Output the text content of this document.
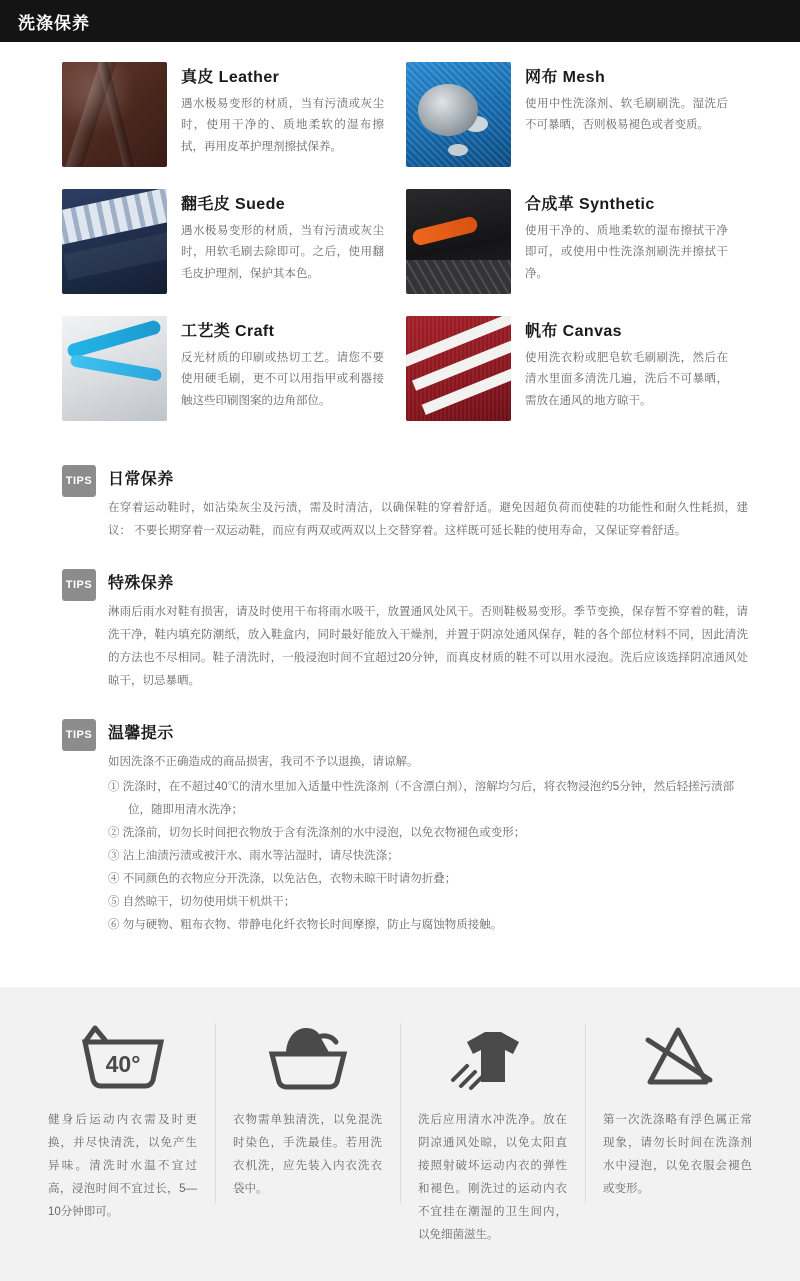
洗涤保养
真皮 Leather
遇水极易变形的材质，当有污渍或灰尘时，使用干净的、质地柔软的湿布擦拭，再用皮革护理剂擦拭保养。
网布 Mesh
使用中性洗涤剂、软毛刷刷洗。湿洗后不可暴晒，否则极易褪色或者变质。
翻毛皮 Suede
遇水极易变形的材质，当有污渍或灰尘时，用软毛刷去除即可。之后，使用翻毛皮护理剂，保护其本色。
合成革 Synthetic
使用干净的、质地柔软的湿布擦拭干净即可，或使用中性洗涤剂刷洗并擦拭干净。
工艺类 Craft
反光材质的印刷或热切工艺。请您不要使用硬毛刷，更不可以用指甲或利器接触这些印刷图案的边角部位。
帆布 Canvas
使用洗衣粉或肥皂软毛刷刷洗，然后在清水里面多清洗几遍，洗后不可暴晒，需放在通风的地方晾干。
TIPS 日常保养
在穿着运动鞋时，如沾染灰尘及污渍，需及时清洁，以确保鞋的穿着舒适。避免因超负荷而使鞋的功能性和耐久性耗损，建议： 不要长期穿着一双运动鞋，而应有两双或两双以上交替穿着。这样既可延长鞋的使用寿命，又保证穿着舒适。
TIPS 特殊保养
淋雨后雨水对鞋有损害，请及时使用干布将雨水吸干，放置通风处风干。否则鞋极易变形。季节变换，保存暂不穿着的鞋，请洗干净，鞋内填充防潮纸，放入鞋盒内，同时最好能放入干燥剂，并置于阴凉处通风保存，鞋的各个部位材料不同，因此清洗的方法也不尽相同。鞋子清洗时，一般浸泡时间不宜超过20分钟，而真皮材质的鞋不可以用水浸泡。洗后应该选择阴凉通风处晾干，切忌暴晒。
TIPS 温馨提示
如因洗涤不正确造成的商品损害，我司不予以退换，请谅解。
① 洗涤时，在不超过40℃的清水里加入适量中性洗涤剂（不含漂白剂），溶解均匀后，将衣物浸泡约5分钟，然后轻搓污渍部位，随即用清水洗净；
② 洗涤前，切勿长时间把衣物放于含有洗涤剂的水中浸泡，以免衣物褪色或变形；
③ 沾上油渍污渍或被汗水、雨水等沾湿时，请尽快洗涤；
④ 不同颜色的衣物应分开洗涤，以免沾色，衣物未晾干时请勿折叠；
⑤ 自然晾干，切勿使用烘干机烘干；
⑥ 勿与硬物、粗布衣物、带静电化纤衣物长时间摩擦，防止与腐蚀物质接触。
40°
健身后运动内衣需及时更换，并尽快清洗，以免产生异味。清洗时水温不宜过高，浸泡时间不宜过长，5—10分钟即可。
衣物需单独清洗，以免混洗时染色，手洗最佳。若用洗衣机洗，应先装入内衣洗衣袋中。
洗后应用清水冲洗净。放在阴凉通风处晾，以免太阳直接照射破坏运动内衣的弹性和褪色。刚洗过的运动内衣不宜挂在潮湿的卫生间内，以免细菌滋生。
第一次洗涤略有浮色属正常现象，请勿长时间在洗涤剂水中浸泡，以免衣服会褪色或变形。
